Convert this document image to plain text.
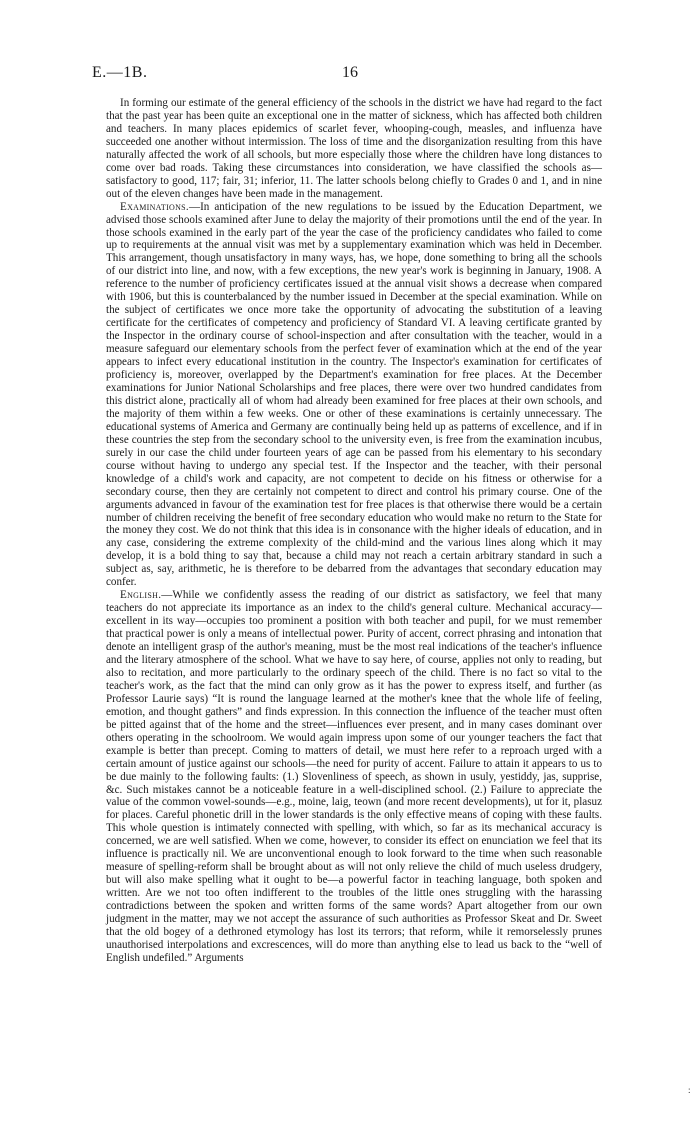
E.—1B.	16

In forming our estimate of the general efficiency of the schools in the district we have had regard to the fact that the past year has been quite an exceptional one in the matter of sickness, which has affected both children and teachers. In many places epidemics of scarlet fever, whooping-cough, measles, and influenza have succeeded one another without intermission. The loss of time and the disorganization resulting from this have naturally affected the work of all schools, but more especially those where the children have long distances to come over bad roads. Taking these circumstances into consideration, we have classified the schools as—satisfactory to good, 117; fair, 31; inferior, 11. The latter schools belong chiefly to Grades 0 and 1, and in nine out of the eleven changes have been made in the management.

Examinations.—In anticipation of the new regulations to be issued by the Education Department, we advised those schools examined after June to delay the majority of their promotions until the end of the year. In those schools examined in the early part of the year the case of the proficiency candidates who failed to come up to requirements at the annual visit was met by a supplementary examination which was held in December. This arrangement, though unsatisfactory in many ways, has, we hope, done something to bring all the schools of our district into line, and now, with a few exceptions, the new year's work is beginning in January, 1908. A reference to the number of proficiency certificates issued at the annual visit shows a decrease when compared with 1906, but this is counterbalanced by the number issued in December at the special examination. While on the subject of certificates we once more take the opportunity of advocating the substitution of a leaving certificate for the certificates of competency and proficiency of Standard VI. A leaving certificate granted by the Inspector in the ordinary course of school-inspection and after consultation with the teacher, would in a measure safeguard our elementary schools from the perfect fever of examination which at the end of the year appears to infect every educational institution in the country. The Inspector's examination for certificates of proficiency is, moreover, overlapped by the Department's examination for free places. At the December examinations for Junior National Scholarships and free places, there were over two hundred candidates from this district alone, practically all of whom had already been examined for free places at their own schools, and the majority of them within a few weeks. One or other of these examinations is certainly unnecessary. The educational systems of America and Germany are continually being held up as patterns of excellence, and if in these countries the step from the secondary school to the university even, is free from the examination incubus, surely in our case the child under fourteen years of age can be passed from his elementary to his secondary course without having to undergo any special test. If the Inspector and the teacher, with their personal knowledge of a child's work and capacity, are not competent to decide on his fitness or otherwise for a secondary course, then they are certainly not competent to direct and control his primary course. One of the arguments advanced in favour of the examination test for free places is that otherwise there would be a certain number of children receiving the benefit of free secondary education who would make no return to the State for the money they cost. We do not think that this idea is in consonance with the higher ideals of education, and in any case, considering the extreme complexity of the child-mind and the various lines along which it may develop, it is a bold thing to say that, because a child may not reach a certain arbitrary standard in such a subject as, say, arithmetic, he is therefore to be debarred from the advantages that secondary education may confer.

English.—While we confidently assess the reading of our district as satisfactory, we feel that many teachers do not appreciate its importance as an index to the child's general culture. Mechanical accuracy—excellent in its way—occupies too prominent a position with both teacher and pupil, for we must remember that practical power is only a means of intellectual power. Purity of accent, correct phrasing and intonation that denote an intelligent grasp of the author's meaning, must be the most real indications of the teacher's influence and the literary atmosphere of the school. What we have to say here, of course, applies not only to reading, but also to recitation, and more particularly to the ordinary speech of the child. There is no fact so vital to the teacher's work, as the fact that the mind can only grow as it has the power to express itself, and further (as Professor Laurie says) “It is round the language learned at the mother's knee that the whole life of feeling, emotion, and thought gathers” and finds expression. In this connection the influence of the teacher must often be pitted against that of the home and the street—influences ever present, and in many cases dominant over others operating in the schoolroom. We would again impress upon some of our younger teachers the fact that example is better than precept. Coming to matters of detail, we must here refer to a reproach urged with a certain amount of justice against our schools—the need for purity of accent. Failure to attain it appears to us to be due mainly to the following faults: (1.) Slovenliness of speech, as shown in usuly, yestiddy, jas, supprise, &c. Such mistakes cannot be a noticeable feature in a well-disciplined school. (2.) Failure to appreciate the value of the common vowel-sounds—e.g., moine, laig, teown (and more recent developments), ut for it, plasuz for places. Careful phonetic drill in the lower standards is the only effective means of coping with these faults. This whole question is intimately connected with spelling, with which, so far as its mechanical accuracy is concerned, we are well satisfied. When we come, however, to consider its effect on enunciation we feel that its influence is practically nil. We are unconventional enough to look forward to the time when such reasonable measure of spelling-reform shall be brought about as will not only relieve the child of much useless drudgery, but will also make spelling what it ought to be—a powerful factor in teaching language, both spoken and written. Are we not too often indifferent to the troubles of the little ones struggling with the harassing contradictions between the spoken and written forms of the same words? Apart altogether from our own judgment in the matter, may we not accept the assurance of such authorities as Professor Skeat and Dr. Sweet that the old bogey of a dethroned etymology has lost its terrors; that reform, while it remorselessly prunes unauthorised interpolations and excrescences, will do more than anything else to lead us back to the “well of English undefiled.” Arguments

:
